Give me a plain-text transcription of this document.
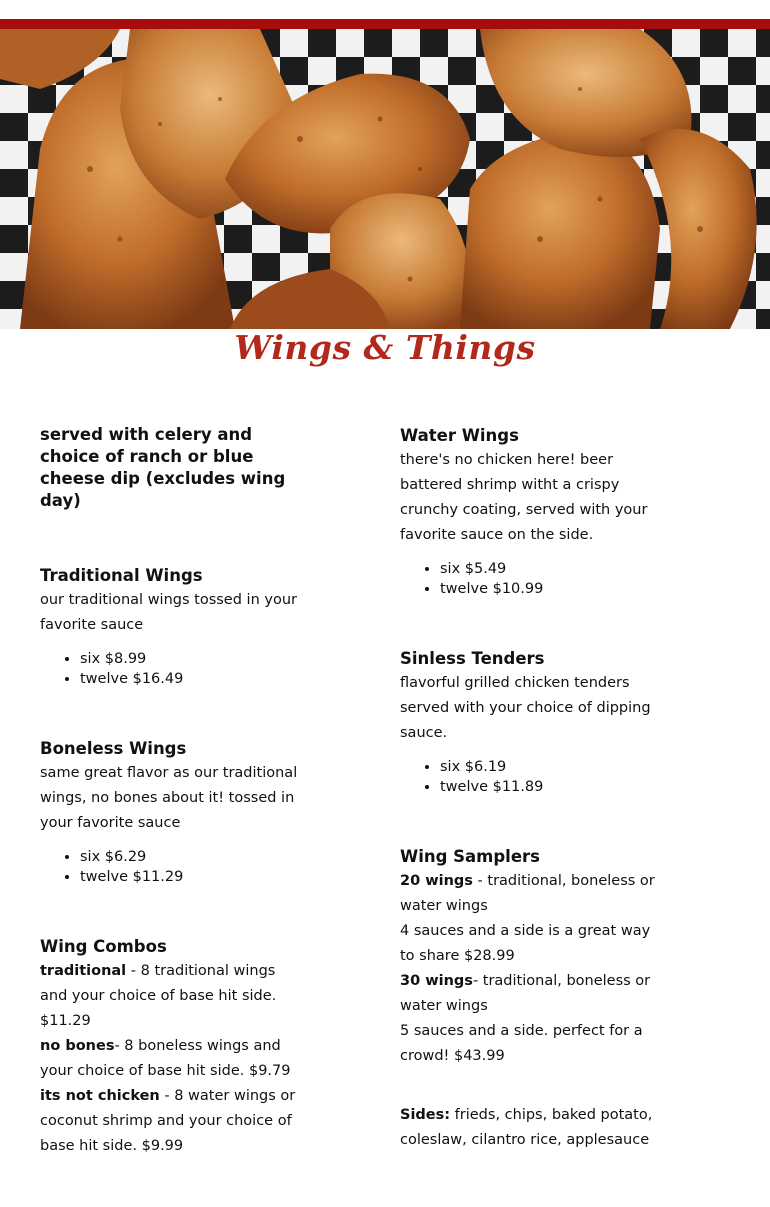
Wings & Things

served with celery and choice of ranch or blue cheese dip (excludes wing day)

Traditional Wings

our traditional wings tossed in your favorite sauce

• six $8.99
• twelve $16.49

Boneless Wings

same great flavor as our traditional wings, no bones about it! tossed in your favorite sauce

• six $6.29
• twelve $11.29

Wing Combos

traditional - 8 traditional wings and your choice of base hit side. $11.29

no bones- 8 boneless wings and your choice of base hit side. $9.79

its not chicken - 8 water wings or coconut shrimp and your choice of base hit side. $9.99

Water Wings

there's no chicken here! beer battered shrimp witht a crispy crunchy coating, served with your favorite sauce on the side.

• six $5.49
• twelve $10.99

Sinless Tenders

flavorful grilled chicken tenders served with your choice of dipping sauce.

• six $6.19
• twelve $11.89

Wing Samplers

20 wings - traditional, boneless or water wings

4 sauces and a side is a great way to share $28.99

30 wings- traditional, boneless or water wings

5 sauces and a side. perfect for a crowd! $43.99

Sides: frieds, chips, baked potato, coleslaw, cilantro rice, applesauce
